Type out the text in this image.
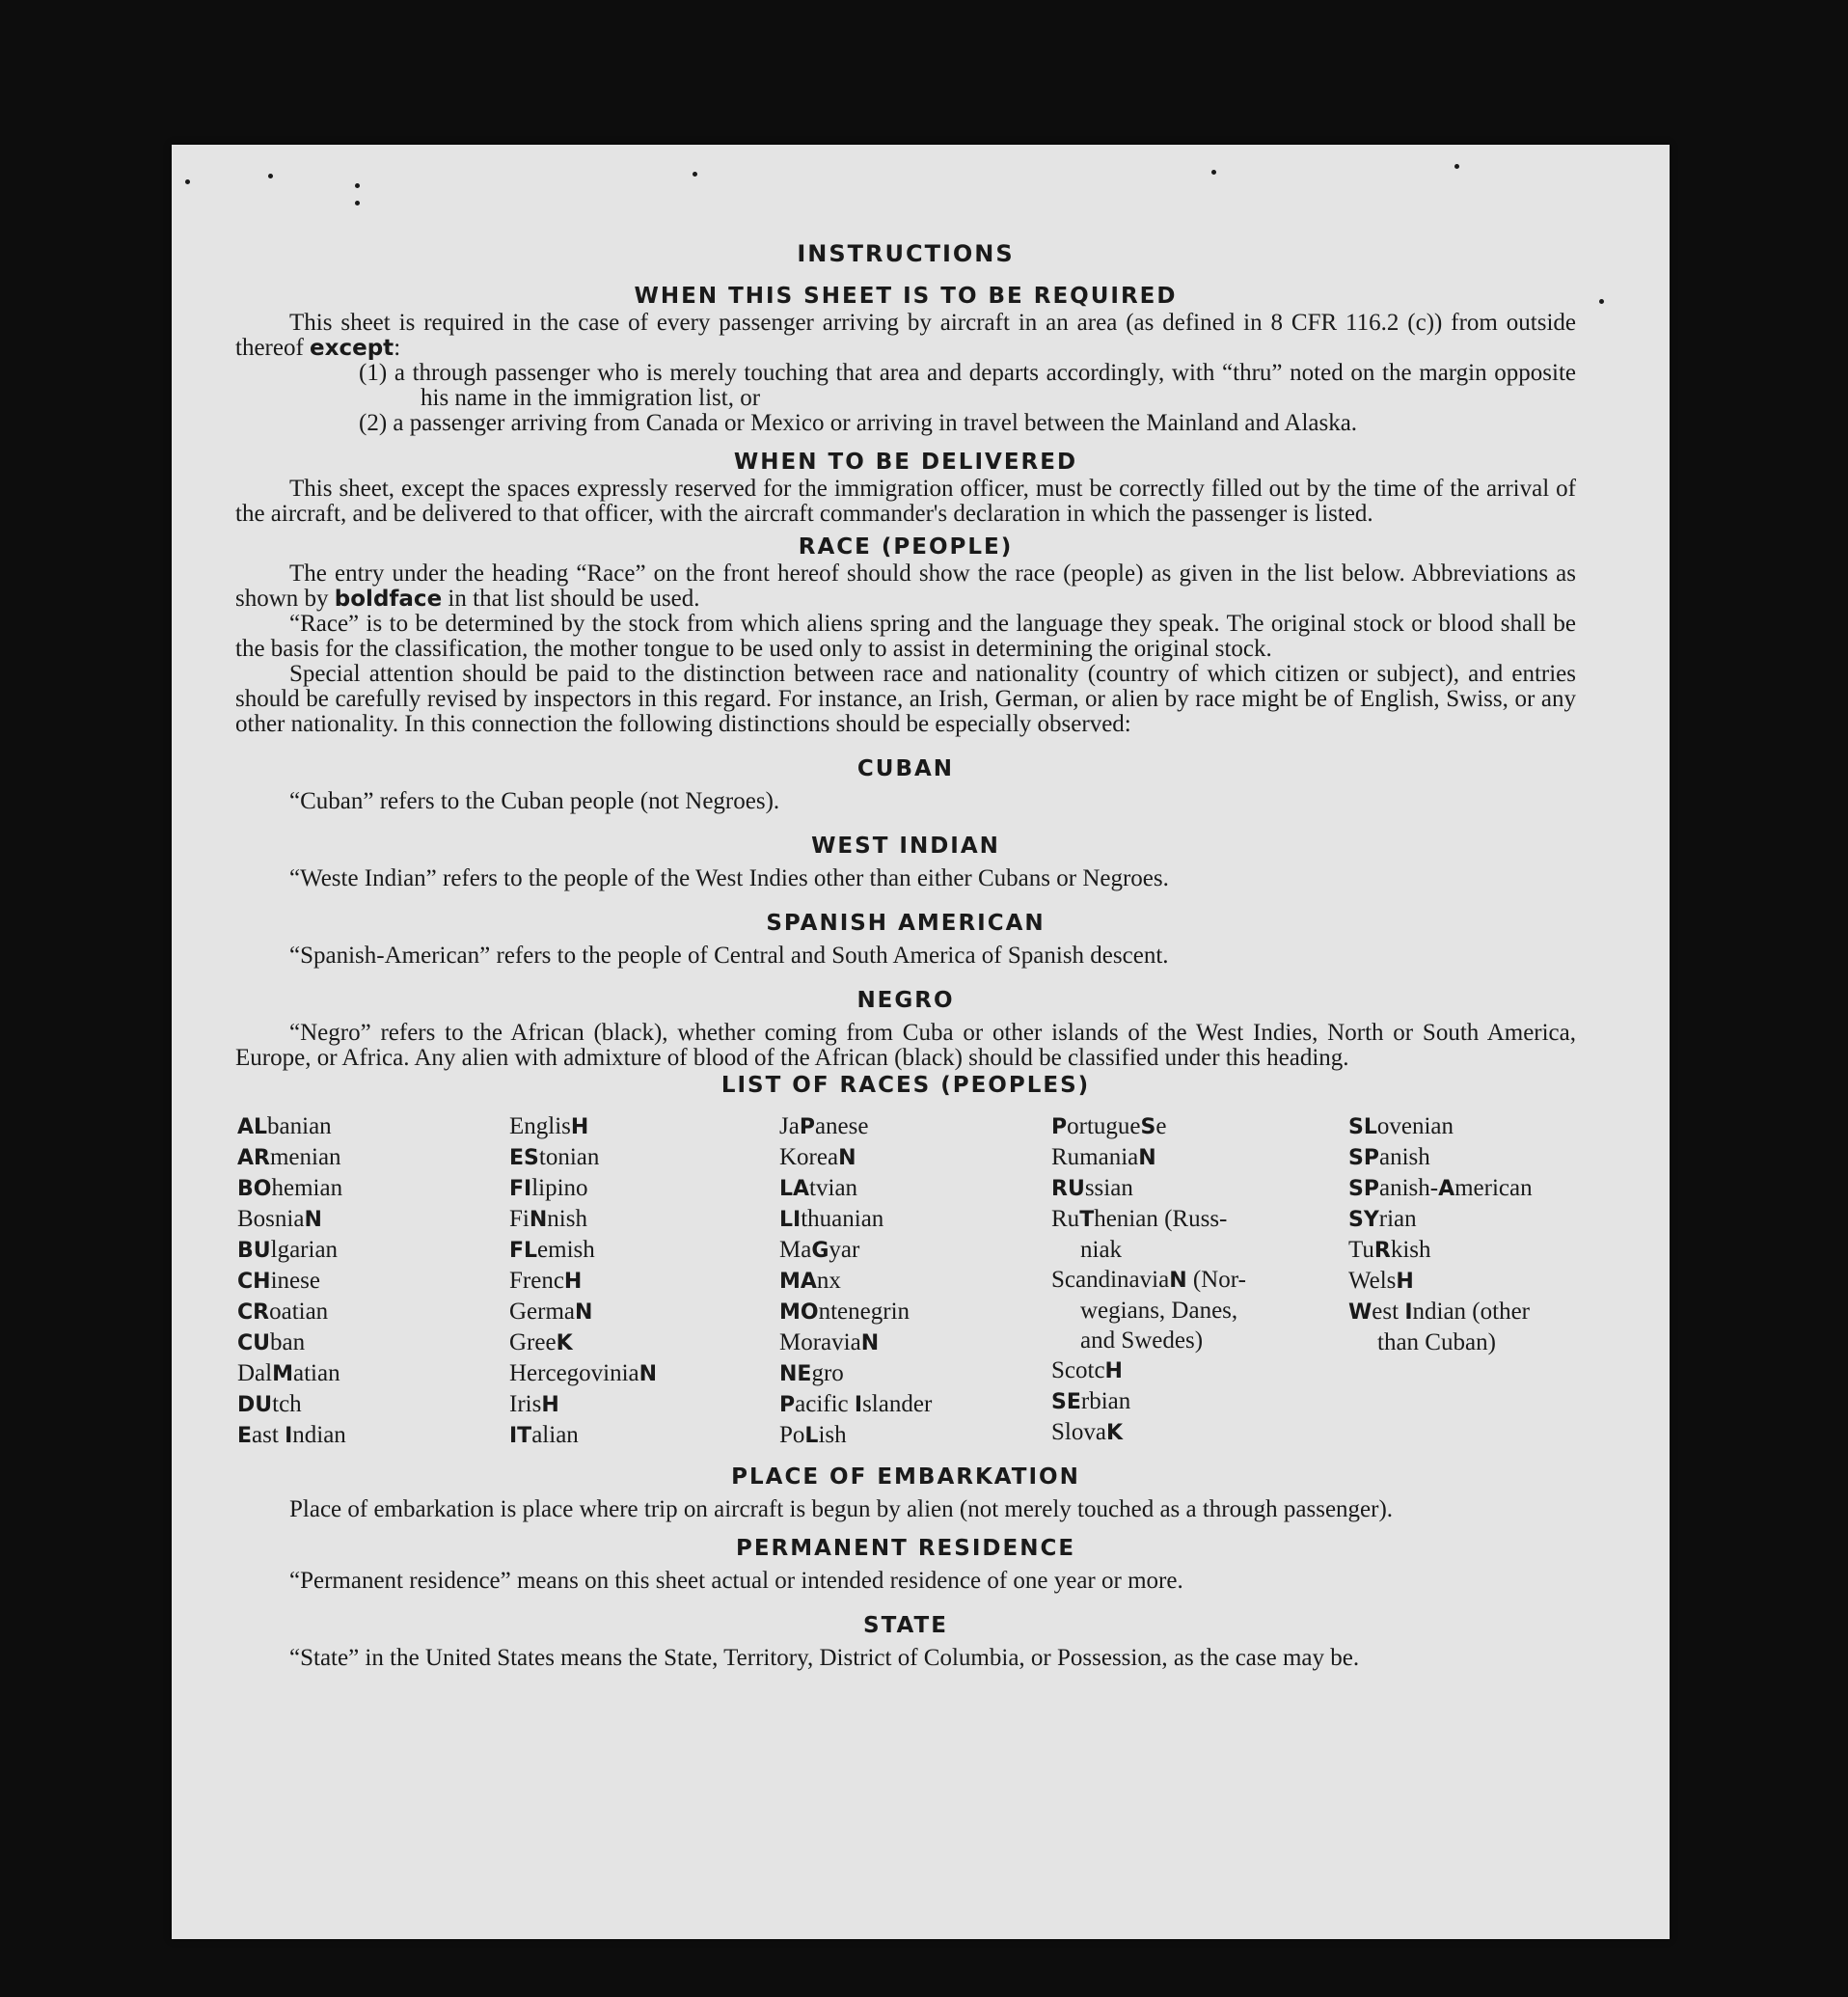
INSTRUCTIONS
WHEN THIS SHEET IS TO BE REQUIRED

This sheet is required in the case of every passenger arriving by aircraft in an area (as defined in 8 CFR 116.2 (c)) from outside thereof except:

(1) a through passenger who is merely touching that area and departs accordingly, with “thru” noted on the margin opposite his name in the immigration list, or

(2) a passenger arriving from Canada or Mexico or arriving in travel between the Mainland and Alaska.

WHEN TO BE DELIVERED

This sheet, except the spaces expressly reserved for the immigration officer, must be correctly filled out by the time of the arrival of the aircraft, and be delivered to that officer, with the aircraft commander's declaration in which the passenger is listed.

RACE (PEOPLE)

The entry under the heading “Race” on the front hereof should show the race (people) as given in the list below. Abbreviations as shown by boldface in that list should be used.

“Race” is to be determined by the stock from which aliens spring and the language they speak. The original stock or blood shall be the basis for the classification, the mother tongue to be used only to assist in determining the original stock.

Special attention should be paid to the distinction between race and nationality (country of which citizen or subject), and entries should be carefully revised by inspectors in this regard. For instance, an Irish, German, or alien by race might be of English, Swiss, or any other nationality. In this connection the following distinctions should be especially observed:

CUBAN

“Cuban” refers to the Cuban people (not Negroes).

WEST INDIAN

“Weste Indian” refers to the people of the West Indies other than either Cubans or Negroes.

SPANISH AMERICAN

“Spanish-American” refers to the people of Central and South America of Spanish descent.

NEGRO

“Negro” refers to the African (black), whether coming from Cuba or other islands of the West Indies, North or South America, Europe, or Africa. Any alien with admixture of blood of the African (black) should be classified under this heading.

LIST OF RACES (PEOPLES)
ALbanian
ARmenian
BOhemian
BosniaN
BUlgarian
CHinese
CRoatian
CUban
DalMatian
DUtch
East Indian
EnglisH
EStonian
FIlipino
FiNnish
FLemish
FrencH
GermaN
GreeK
HercegoviniaN
IrisH
ITalian
JaPanese
KoreaN
LAtvian
LIthuanian
MaGyar
MAnx
MOntenegrin
MoraviaN
NEgro
Pacific Islander
PoLish
PortugueSe
RumaniaN
RUssian
RuThenian (Russ-
niak
ScandinaviaN (Nor-
wegians, Danes,
and Swedes)
ScotcH
SErbian
SlovaK
SLovenian
SPanish
SPanish-American
SYrian
TuRkish
WelsH
West Indian (other
than Cuban)
PLACE OF EMBARKATION

Place of embarkation is place where trip on aircraft is begun by alien (not merely touched as a through passenger).

PERMANENT RESIDENCE

“Permanent residence” means on this sheet actual or intended residence of one year or more.

STATE

“State” in the United States means the State, Territory, District of Columbia, or Possession, as the case may be.
